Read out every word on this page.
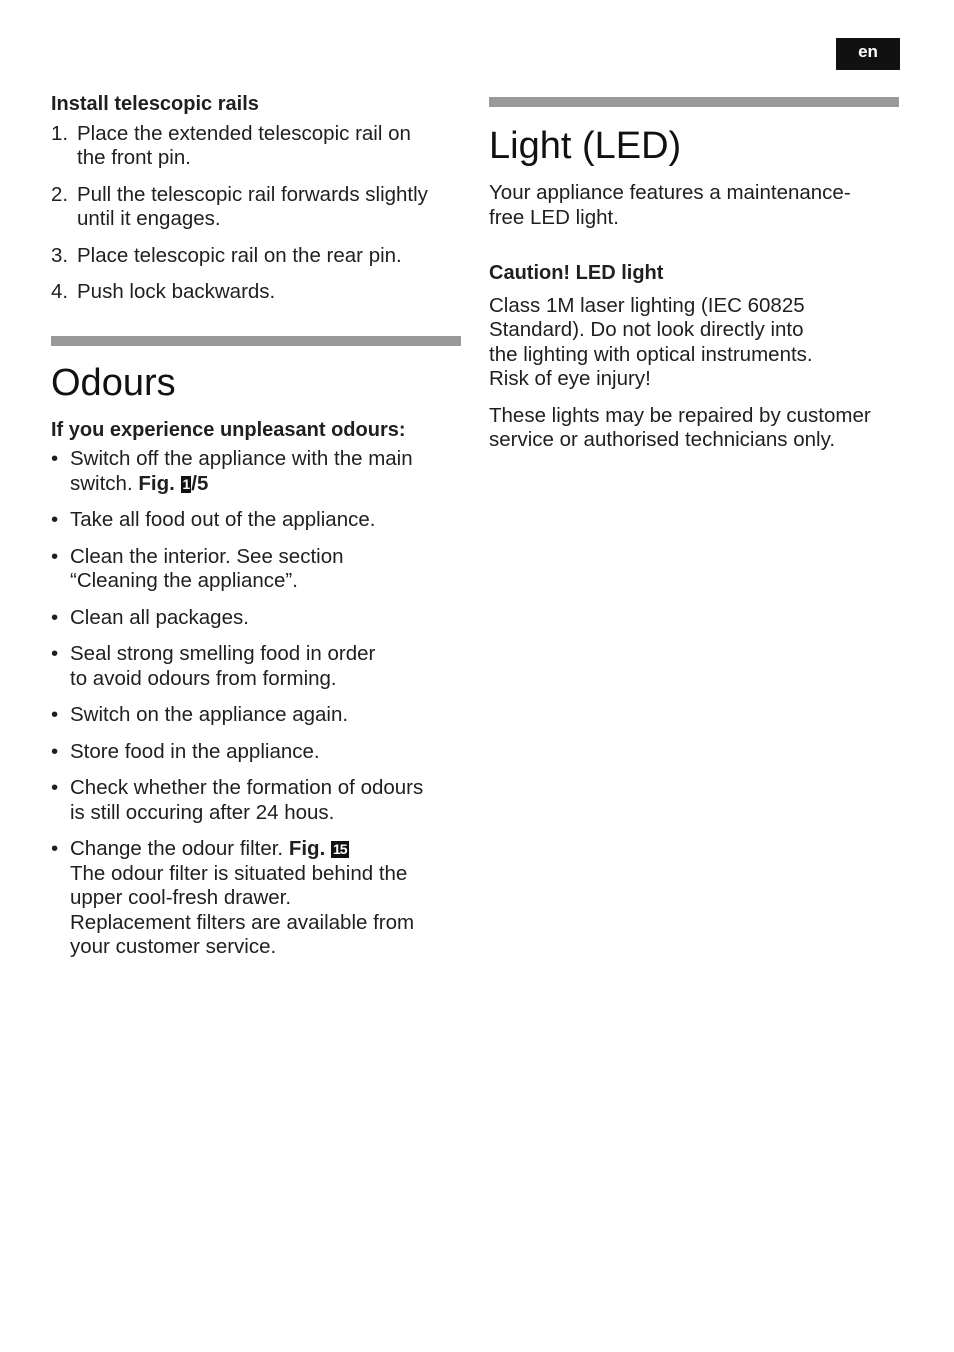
en
Install telescopic rails
1. Place the extended telescopic rail on
the front pin.
2. Pull the telescopic rail forwards slightly
until it engages.
3. Place telescopic rail on the rear pin.
4. Push lock backwards.
Odours
If you experience unpleasant odours:
• Switch off the appliance with the main
switch. Fig. 1/5
• Take all food out of the appliance.
• Clean the interior. See section
“Cleaning the appliance”.
• Clean all packages.
• Seal strong smelling food in order
to avoid odours from forming.
• Switch on the appliance again.
• Store food in the appliance.
• Check whether the formation of odours
is still occuring after 24 hous.
• Change the odour filter. Fig. 15
The odour filter is situated behind the
upper cool-fresh drawer.
Replacement filters are available from
your customer service.
Light (LED)
Your appliance features a maintenance-
free LED light.
Caution! LED light
Class 1M laser lighting (IEC 60825
Standard). Do not look directly into
the lighting with optical instruments.
Risk of eye injury!
These lights may be repaired by customer
service or authorised technicians only.
